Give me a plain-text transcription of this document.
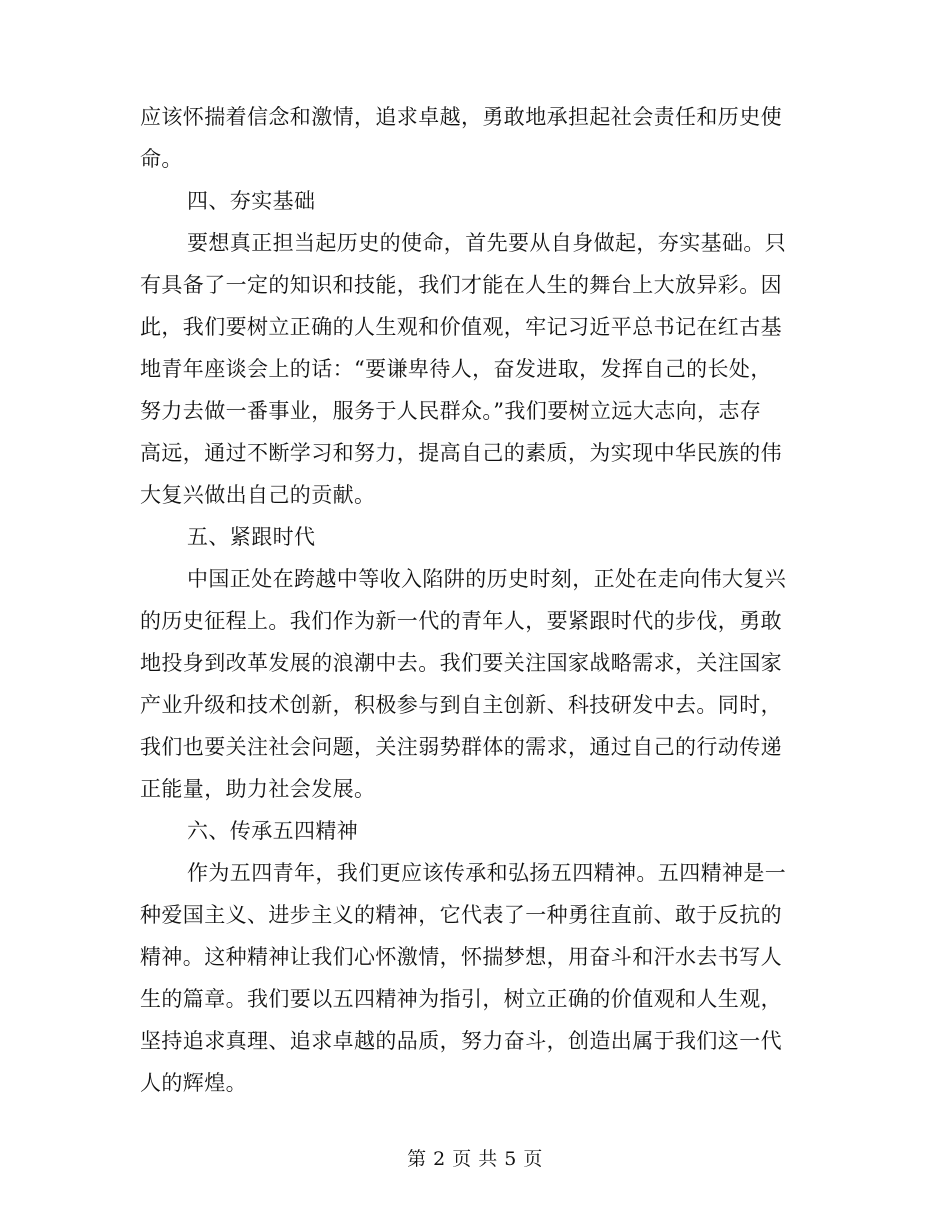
应该怀揣着信念和激情，追求卓越，勇敢地承担起社会责任和历史使
命。
四、夯实基础
要想真正担当起历史的使命，首先要从自身做起，夯实基础。只
有具备了一定的知识和技能，我们才能在人生的舞台上大放异彩。因
此，我们要树立正确的人生观和价值观，牢记习近平总书记在红古基
地青年座谈会上的话：“要谦卑待人，奋发进取，发挥自己的长处，
努力去做一番事业，服务于人民群众。”我们要树立远大志向，志存
高远，通过不断学习和努力，提高自己的素质，为实现中华民族的伟
大复兴做出自己的贡献。
五、紧跟时代
中国正处在跨越中等收入陷阱的历史时刻，正处在走向伟大复兴
的历史征程上。我们作为新一代的青年人，要紧跟时代的步伐，勇敢
地投身到改革发展的浪潮中去。我们要关注国家战略需求，关注国家
产业升级和技术创新，积极参与到自主创新、科技研发中去。同时，
我们也要关注社会问题，关注弱势群体的需求，通过自己的行动传递
正能量，助力社会发展。
六、传承五四精神
作为五四青年，我们更应该传承和弘扬五四精神。五四精神是一
种爱国主义、进步主义的精神，它代表了一种勇往直前、敢于反抗的
精神。这种精神让我们心怀激情，怀揣梦想，用奋斗和汗水去书写人
生的篇章。我们要以五四精神为指引，树立正确的价值观和人生观，
坚持追求真理、追求卓越的品质，努力奋斗，创造出属于我们这一代
人的辉煌。
第 2 页 共 5 页
